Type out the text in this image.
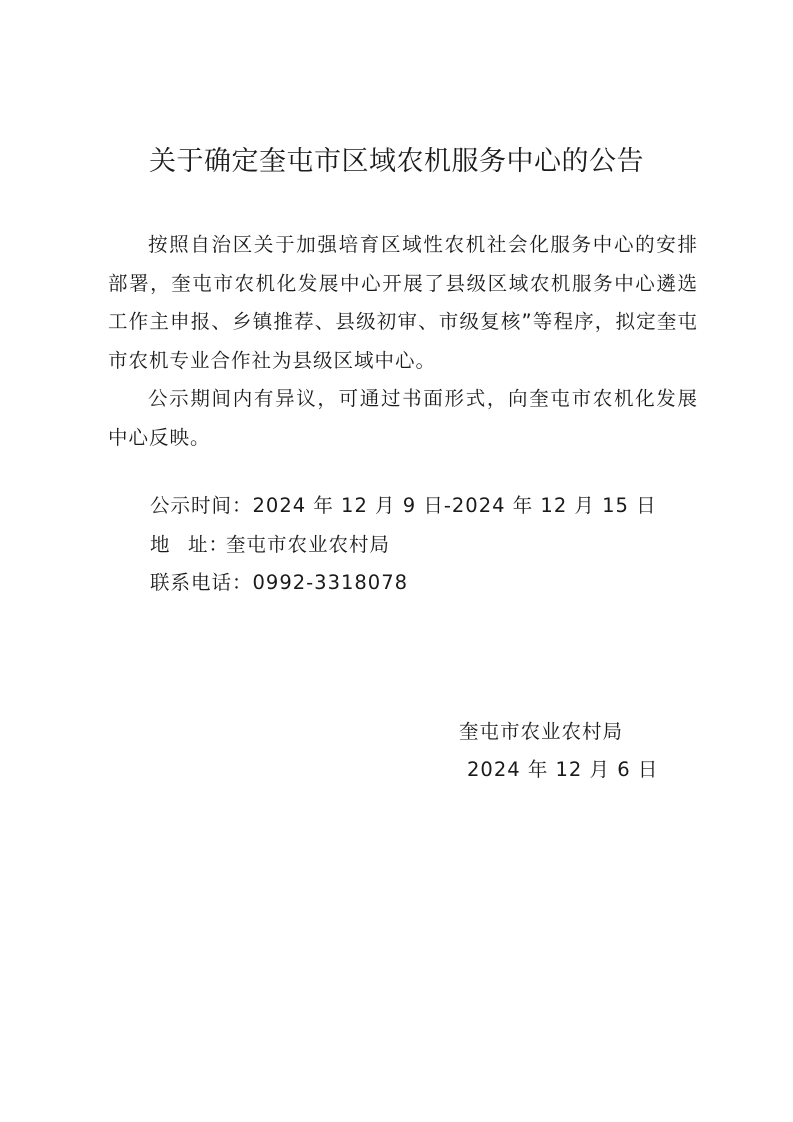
关于确定奎屯市区域农机服务中心的公告
按照自治区关于加强培育区域性农机社会化服务中心的安排部署，奎屯市农机化发展中心开展了县级区域农机服务中心遴选工作主申报、乡镇推荐、县级初审、市级复核”等程序，拟定奎屯市农机专业合作社为县级区域中心。
公示期间内有异议，可通过书面形式，向奎屯市农机化发展中心反映。
公示时间：2024 年 12 月 9 日-2024 年 12 月 15 日
地 址：奎屯市农业农村局
联系电话：0992-3318078
奎屯市农业农村局
2024 年 12 月 6 日
